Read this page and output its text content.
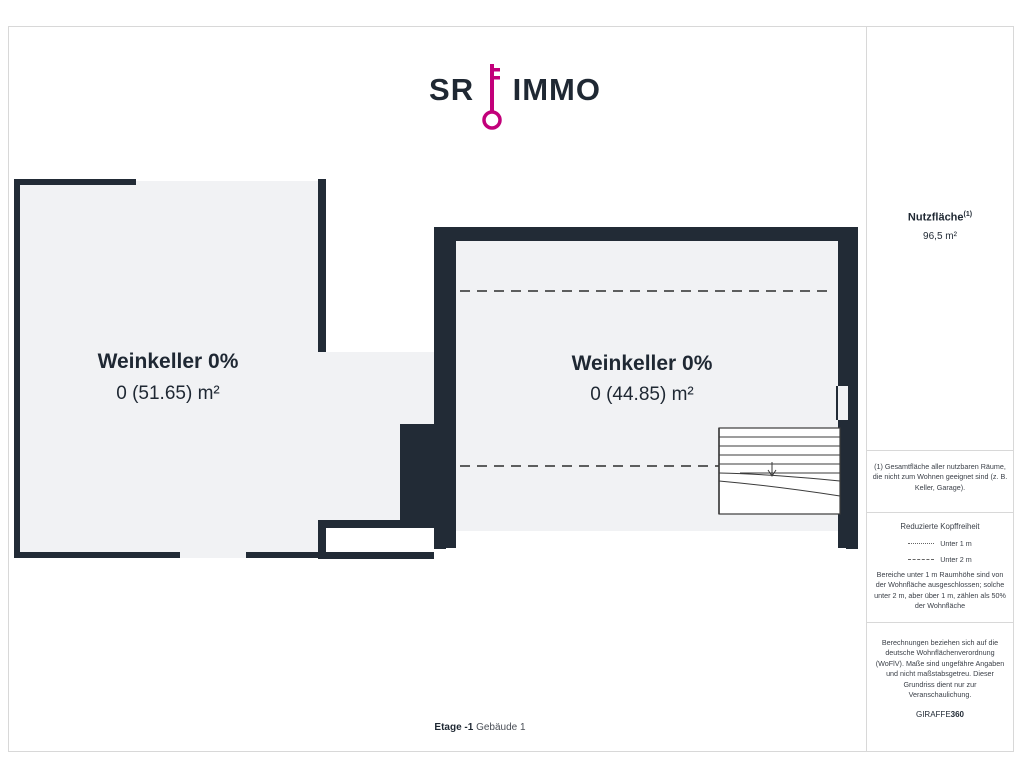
SR IMMO
Weinkeller 0%
0 (51.65) m²
Weinkeller 0%
0 (44.85) m²
Nutzfläche$^{(1)}$
96,5 m²
(1) Gesamtfläche aller nutzbaren Räume, die nicht zum Wohnen geeignet sind (z. B. Keller, Garage).
Reduzierte Kopffreiheit
Unter 1 m
Unter 2 m
Bereiche unter 1 m Raumhöhe sind von der Wohnfläche ausgeschlossen; solche unter 2 m, aber über 1 m, zählen als 50% der Wohnfläche
Berechnungen beziehen sich auf die deutsche Wohnflächenverordnung (WoFlV). Maße sind ungefähre Angaben und nicht maßstabsgetreu. Dieser Grundriss dient nur zur Veranschaulichung.
GIRAFFE360
Etage -1 Gebäude 1
